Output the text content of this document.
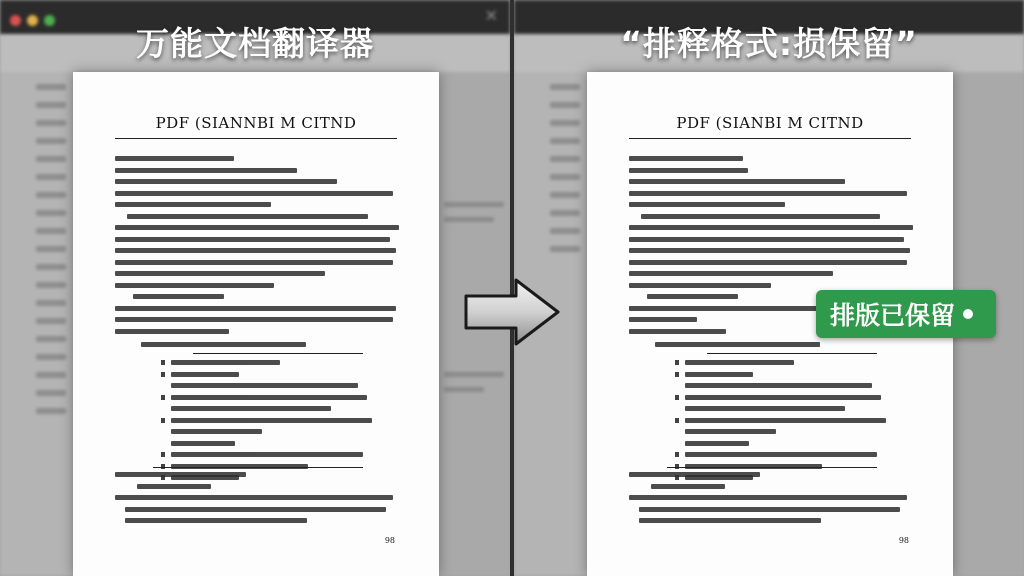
✕
万能文档翻译器
PDF (SIANNBI M CITND
98
“排释格式:损保留”
PDF (SIANBI M CITND
98
排版已保留
